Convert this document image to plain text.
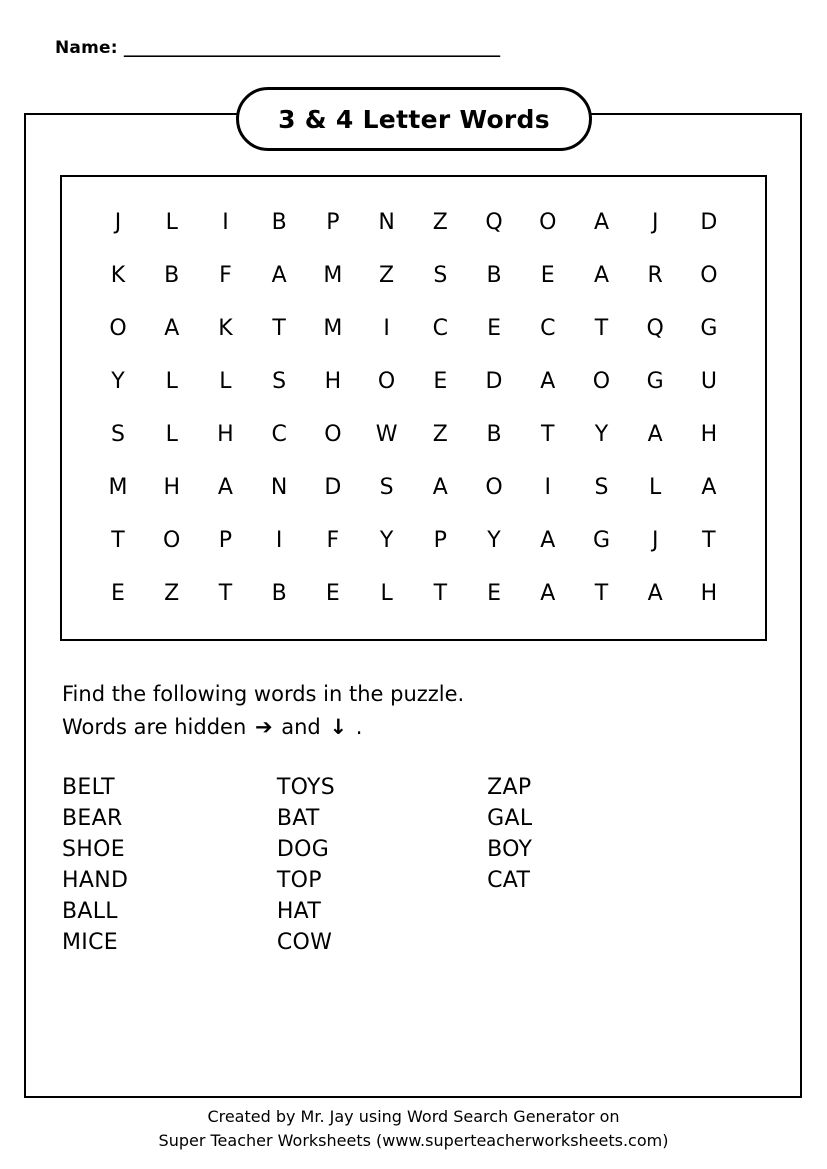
Name: _______________________________________________
3 & 4 Letter Words
J	L	I	B	P	N	Z	Q	O	A	J	D
K	B	F	A	M	Z	S	B	E	A	R	O
O	A	K	T	M	I	C	E	C	T	Q	G
Y	L	L	S	H	O	E	D	A	O	G	U
S	L	H	C	O	W	Z	B	T	Y	A	H
M	H	A	N	D	S	A	O	I	S	L	A
T	O	P	I	F	Y	P	Y	A	G	J	T
E	Z	T	B	E	L	T	E	A	T	A	H
Find the following words in the puzzle.
Words are hidden ➔ and ↓ .
BELT
BEAR
SHOE
HAND
BALL
MICE
TOYS
BAT
DOG
TOP
HAT
COW
ZAP
GAL
BOY
CAT
Created by Mr. Jay using Word Search Generator on
Super Teacher Worksheets (www.superteacherworksheets.com)
